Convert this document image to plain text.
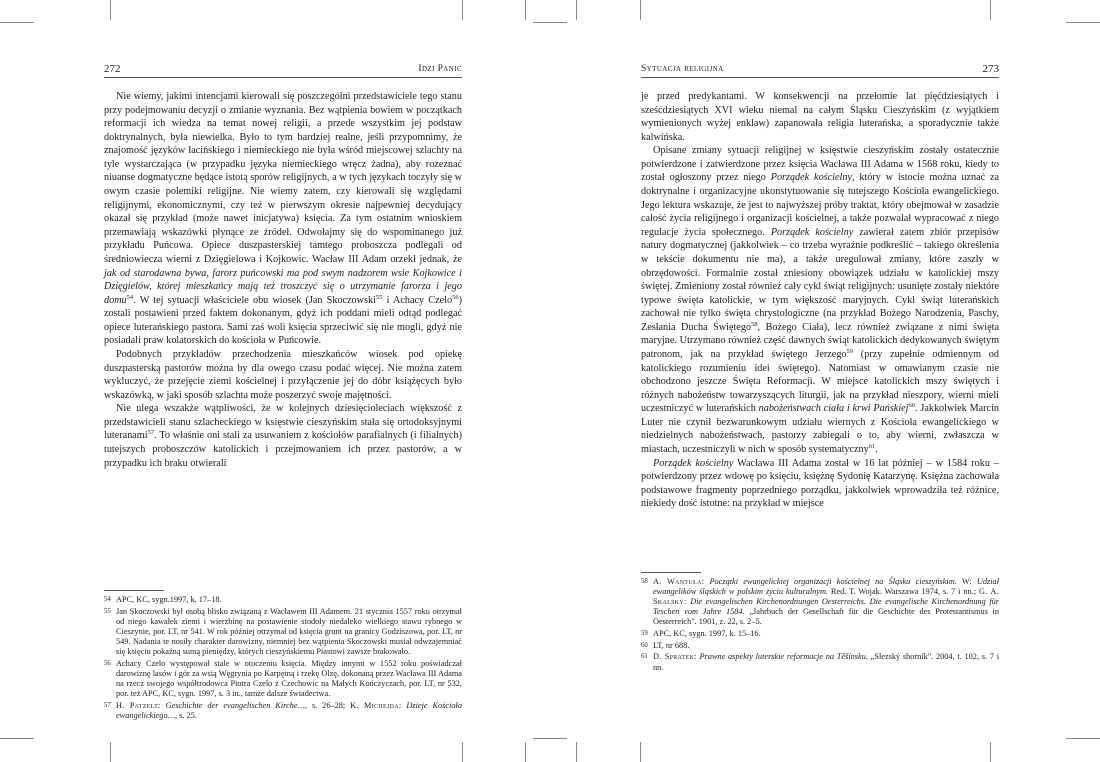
272	Idzi Panic

Nie wiemy, jakimi intencjami kierowali się poszczególni przedstawiciele tego stanu przy podejmowaniu decyzji o zmianie wyznania. Bez wątpienia bowiem w początkach reformacji ich wiedza na temat nowej religii, a przede wszystkim jej podstaw doktrynalnych, była niewielka. Było to tym bardziej realne, jeśli przypomnimy, że znajomość języków łacińskiego i niemieckiego nie była wśród miejscowej szlachty na tyle wystarczająca (w przypadku języka niemieckiego wręcz żadna), aby rozeznać niuanse dogmatyczne będące istotą sporów religijnych, a w tych językach toczyły się w owym czasie polemiki religijne. Nie wiemy zatem, czy kierowali się względami religijnymi, ekonomicznymi, czy też w pierwszym okresie najpewniej decydujący okazał się przykład (może nawet inicjatywa) księcia. Za tym ostatnim wnioskiem przemawiają wskazówki płynące ze źródeł. Odwołajmy się do wspominanego już przykładu Puńcowa. Opiece duszpasterskiej tamtego proboszcza podlegali od średniowiecza wierni z Dzięgielowa i Kojkowic. Wacław III Adam orzekł jednak, że jak od starodawna bywa, farorz puńcowski ma pod swym nadzorem wsie Kojkowice i Dzięgielów, której mieszkańcy mają też troszczyć się o utrzymanie farorza i jego domu$^{54}$. W tej sytuacji właściciele obu wiosek (Jan Skoczowski$^{55}$ i Achacy Czelo$^{56}$) zostali postawieni przed faktem dokonanym, gdyż ich poddani mieli odtąd podlegać opiece luterańskiego pastora. Sami zaś woli księcia sprzeciwić się nie mogli, gdyż nie posiadali praw kolatorskich do kościoła w Puńcowie.

Podobnych przykładów przechodzenia mieszkańców wiosek pod opiekę duszpasterską pastorów można by dla owego czasu podać więcej. Nie można zatem wykluczyć, że przejęcie ziemi kościelnej i przyłączenie jej do dóbr książęcych było wskazówką, w jaki sposób szlachta może poszerzyć swoje majętności.

Nie ulega wszakże wątpliwości, że w kolejnych dziesięcioleciach większość z przedstawicieli stanu szlacheckiego w księstwie cieszyńskim stała się ortodoksyjnymi luteranami$^{57}$. To właśnie oni stali za usuwaniem z kościołów parafialnych (i filialnych) tutejszych proboszczów katolickich i przejmowaniem ich przez pastorów, a w przypadku ich braku otwierali

54 APC, KC, sygn.1997, k. 17–18.
55 Jan Skoczowski był osobą blisko związaną z Wacławem III Adamem. 21 stycznia 1557 roku otrzymał od niego kawałek ziemi i wierzbinę na postawienie stodoły niedaleko wielkiego stawu rybnego w Cieszynie, por. LT, nr 541. W rok później otrzymał od księcia grunt na granicy Godziszowa, por. LT, nr 549. Nadania te nosiły charakter darowizny, niemniej bez wątpienia Skoczowski musiał odwzajemniać się księciu pokaźną sumą pieniędzy, których cieszyńskiemu Piastowi zawsze brakowało.
56 Achacy Czelo występował stale w otoczeniu księcia. Między innymi w 1552 roku poświadczał darowiznę lasów i gór za wsią Węgrynia po Karpętną i rzekę Olzę, dokonaną przez Wacława III Adama na rzecz swojego współtrodowca Piotra Czelo z Czechowic na Małych Kończyczach, por. LT, nr 532, por. też APC, KC, sygn. 1997, s. 3 in., tamże dalsze świadectwa.
57 H. Patzelt: Geschichte der evangelischen Kirche…, s. 26–28; K. Michejda: Dzieje Kościoła ewangelickiego…, s. 25.
Sytuacja religijna	273

je przed predykantami. W konsekwencji na przełomie lat pięćdziesiątych i sześćdziesiątych XVI wieku niemal na całym Śląsku Cieszyńskim (z wyjątkiem wymienionych wyżej enklaw) zapanowała religia luterańska, a sporadycznie także kalwińska.

Opisane zmiany sytuacji religijnej w księstwie cieszyńskim zostały ostatecznie potwierdzone i zatwierdzone przez księcia Wacława III Adama w 1568 roku, kiedy to został ogłoszony przez niego Porządek kościelny, który w istocie można uznać za doktrynalne i organizacyjne ukonstytuowanie się tutejszego Kościoła ewangelickiego. Jego lektura wskazuje, że jest to najwyższej próby traktat, który obejmował w zasadzie całość życia religijnego i organizacji kościelnej, a także pozwalał wypracować z niego regulacje życia społecznego. Porządek kościelny zawierał zatem zbiór przepisów natury dogmatycznej (jakkolwiek – co trzeba wyraźnie podkreślić – takiego określenia w tekście dokumentu nie ma), a także uregulował zmiany, które zaszły w obrzędowości. Formalnie został zniesiony obowiązek udziału w katolickiej mszy świętej. Zmieniony został również cały cykl świąt religijnych: usunięte zostały niektóre typowe święta katolickie, w tym większość maryjnych. Cykl świąt luterańskich zachował nie tylko święta chrystologiczne (na przykład Bożego Narodzenia, Paschy, Zesłania Ducha Świętego$^{58}$, Bożego Ciała), lecz również związane z nimi święta maryjne. Utrzymano również część dawnych świąt katolickich dedykowanych świętym patronom, jak na przykład świętego Jerzego$^{59}$ (przy zupełnie odmiennym od katolickiego rozumieniu idei świętego). Natomiast w omawianym czasie nie obchodzono jeszcze Święta Reformacji. W miejsce katolickich mszy świętych i różnych nabożeństw towarzyszących liturgii, jak na przykład nieszpory, wierni mieli uczestniczyć w luterańskich nabożeństwach ciała i krwi Pańskiej$^{60}$. Jakkolwiek Marcin Luter nie czynił bezwarunkowym udziału wiernych z Kościoła ewangelickiego w niedzielnych nabożeństwach, pastorzy zabiegali o to, aby wierni, zwłaszcza w miastach, uczestniczyli w nich w sposób systematyczny$^{61}$.

Porządek kościelny Wacława III Adama został w 16 lat później – w 1584 roku – potwierdzony przez wdowę po księciu, księżnę Sydonię Katarzynę. Księżna zachowała podstawowe fragmenty poprzedniego porządku, jakkolwiek wprowadziła też różnice, niekiedy dość istotne: na przykład w miejsce

58 A. Wantuła: Początki ewangelickiej organizacji kościelnej na Śląsku cieszyńskim. W: Udział ewangelików śląskich w polskim życiu kulturalnym. Red. T. Wojak. Warszawa 1974, s. 7 i nn.; G. A. Skalský: Die evangelischen Kirchenordnungen Oesterreichs. Die evangelische Kirchenordnung für Teschen vom Jahre 1584. „Jahrbuch der Gesellschaft für die Geschichte des Protestantismus in Oesterreich". 1901, z. 22, s. 2–5.
59 APC, KC, sygn. 1997, k. 15–16.
60 LT, nr 688.
61 D. Spratek: Prawne aspekty luterskie reformacje na Těšínsku. „Slezský sborník". 2004, t. 102, s. 7 i nn.
